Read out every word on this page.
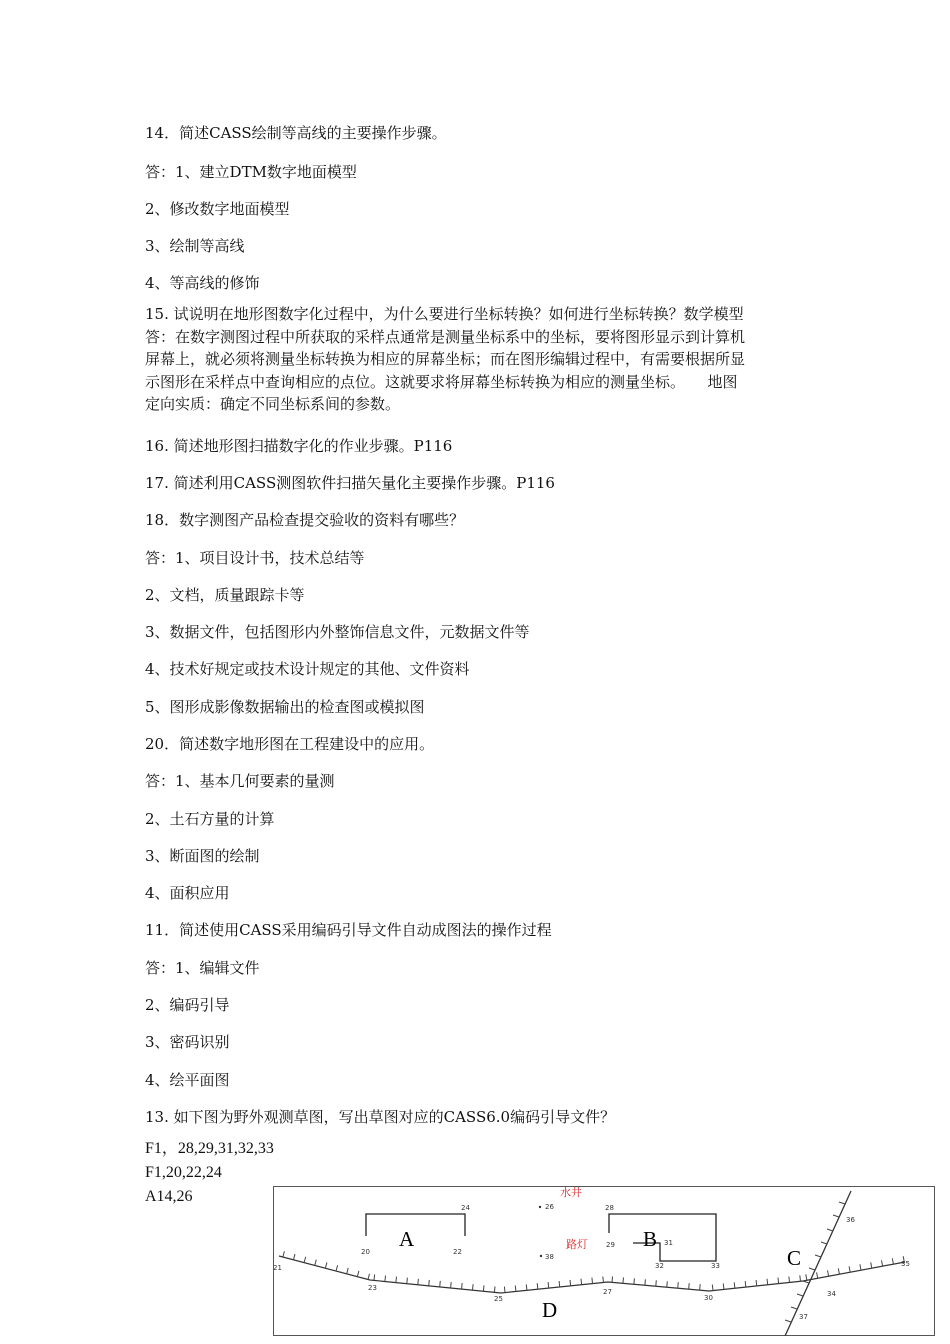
14．简述CASS绘制等高线的主要操作步骤。
答：1、建立DTM数字地面模型
2、修改数字地面模型
3、绘制等高线
4、等高线的修饰
15. 试说明在地形图数字化过程中，为什么要进行坐标转换？如何进行坐标转换？数学模型
答：在数字测图过程中所获取的采样点通常是测量坐标系中的坐标，要将图形显示到计算机
屏幕上，就必须将测量坐标转换为相应的屏幕坐标；而在图形编辑过程中，有需要根据所显
示图形在采样点中查询相应的点位。这就要求将屏幕坐标转换为相应的测量坐标。　　地图
定向实质：确定不同坐标系间的参数。
16. 简述地形图扫描数字化的作业步骤。P116
17. 简述利用CASS测图软件扫描矢量化主要操作步骤。P116
18．数字测图产品检查提交验收的资料有哪些？
答：1、项目设计书，技术总结等
2、文档，质量跟踪卡等
3、数据文件，包括图形内外整饰信息文件，元数据文件等
4、技术好规定或技术设计规定的其他、文件资料
5、图形成影像数据输出的检查图或模拟图
20．简述数字地形图在工程建设中的应用。
答：1、基本几何要素的量测
2、土石方量的计算
3、断面图的绘制
4、面积应用
11．简述使用CASS采用编码引导文件自动成图法的操作过程
答：1、编辑文件
2、编码引导
3、密码识别
4、绘平面图
13. 如下图为野外观测草图，写出草图对应的CASS6.0编码引导文件？
F1，28,29,31,32,33
F1,20,22,24
A14,26	水井
路灯
A	B
C
D
20
21
22
23
24
25
26
27
28
29
30
31
32	33
34
35
36
37
38
